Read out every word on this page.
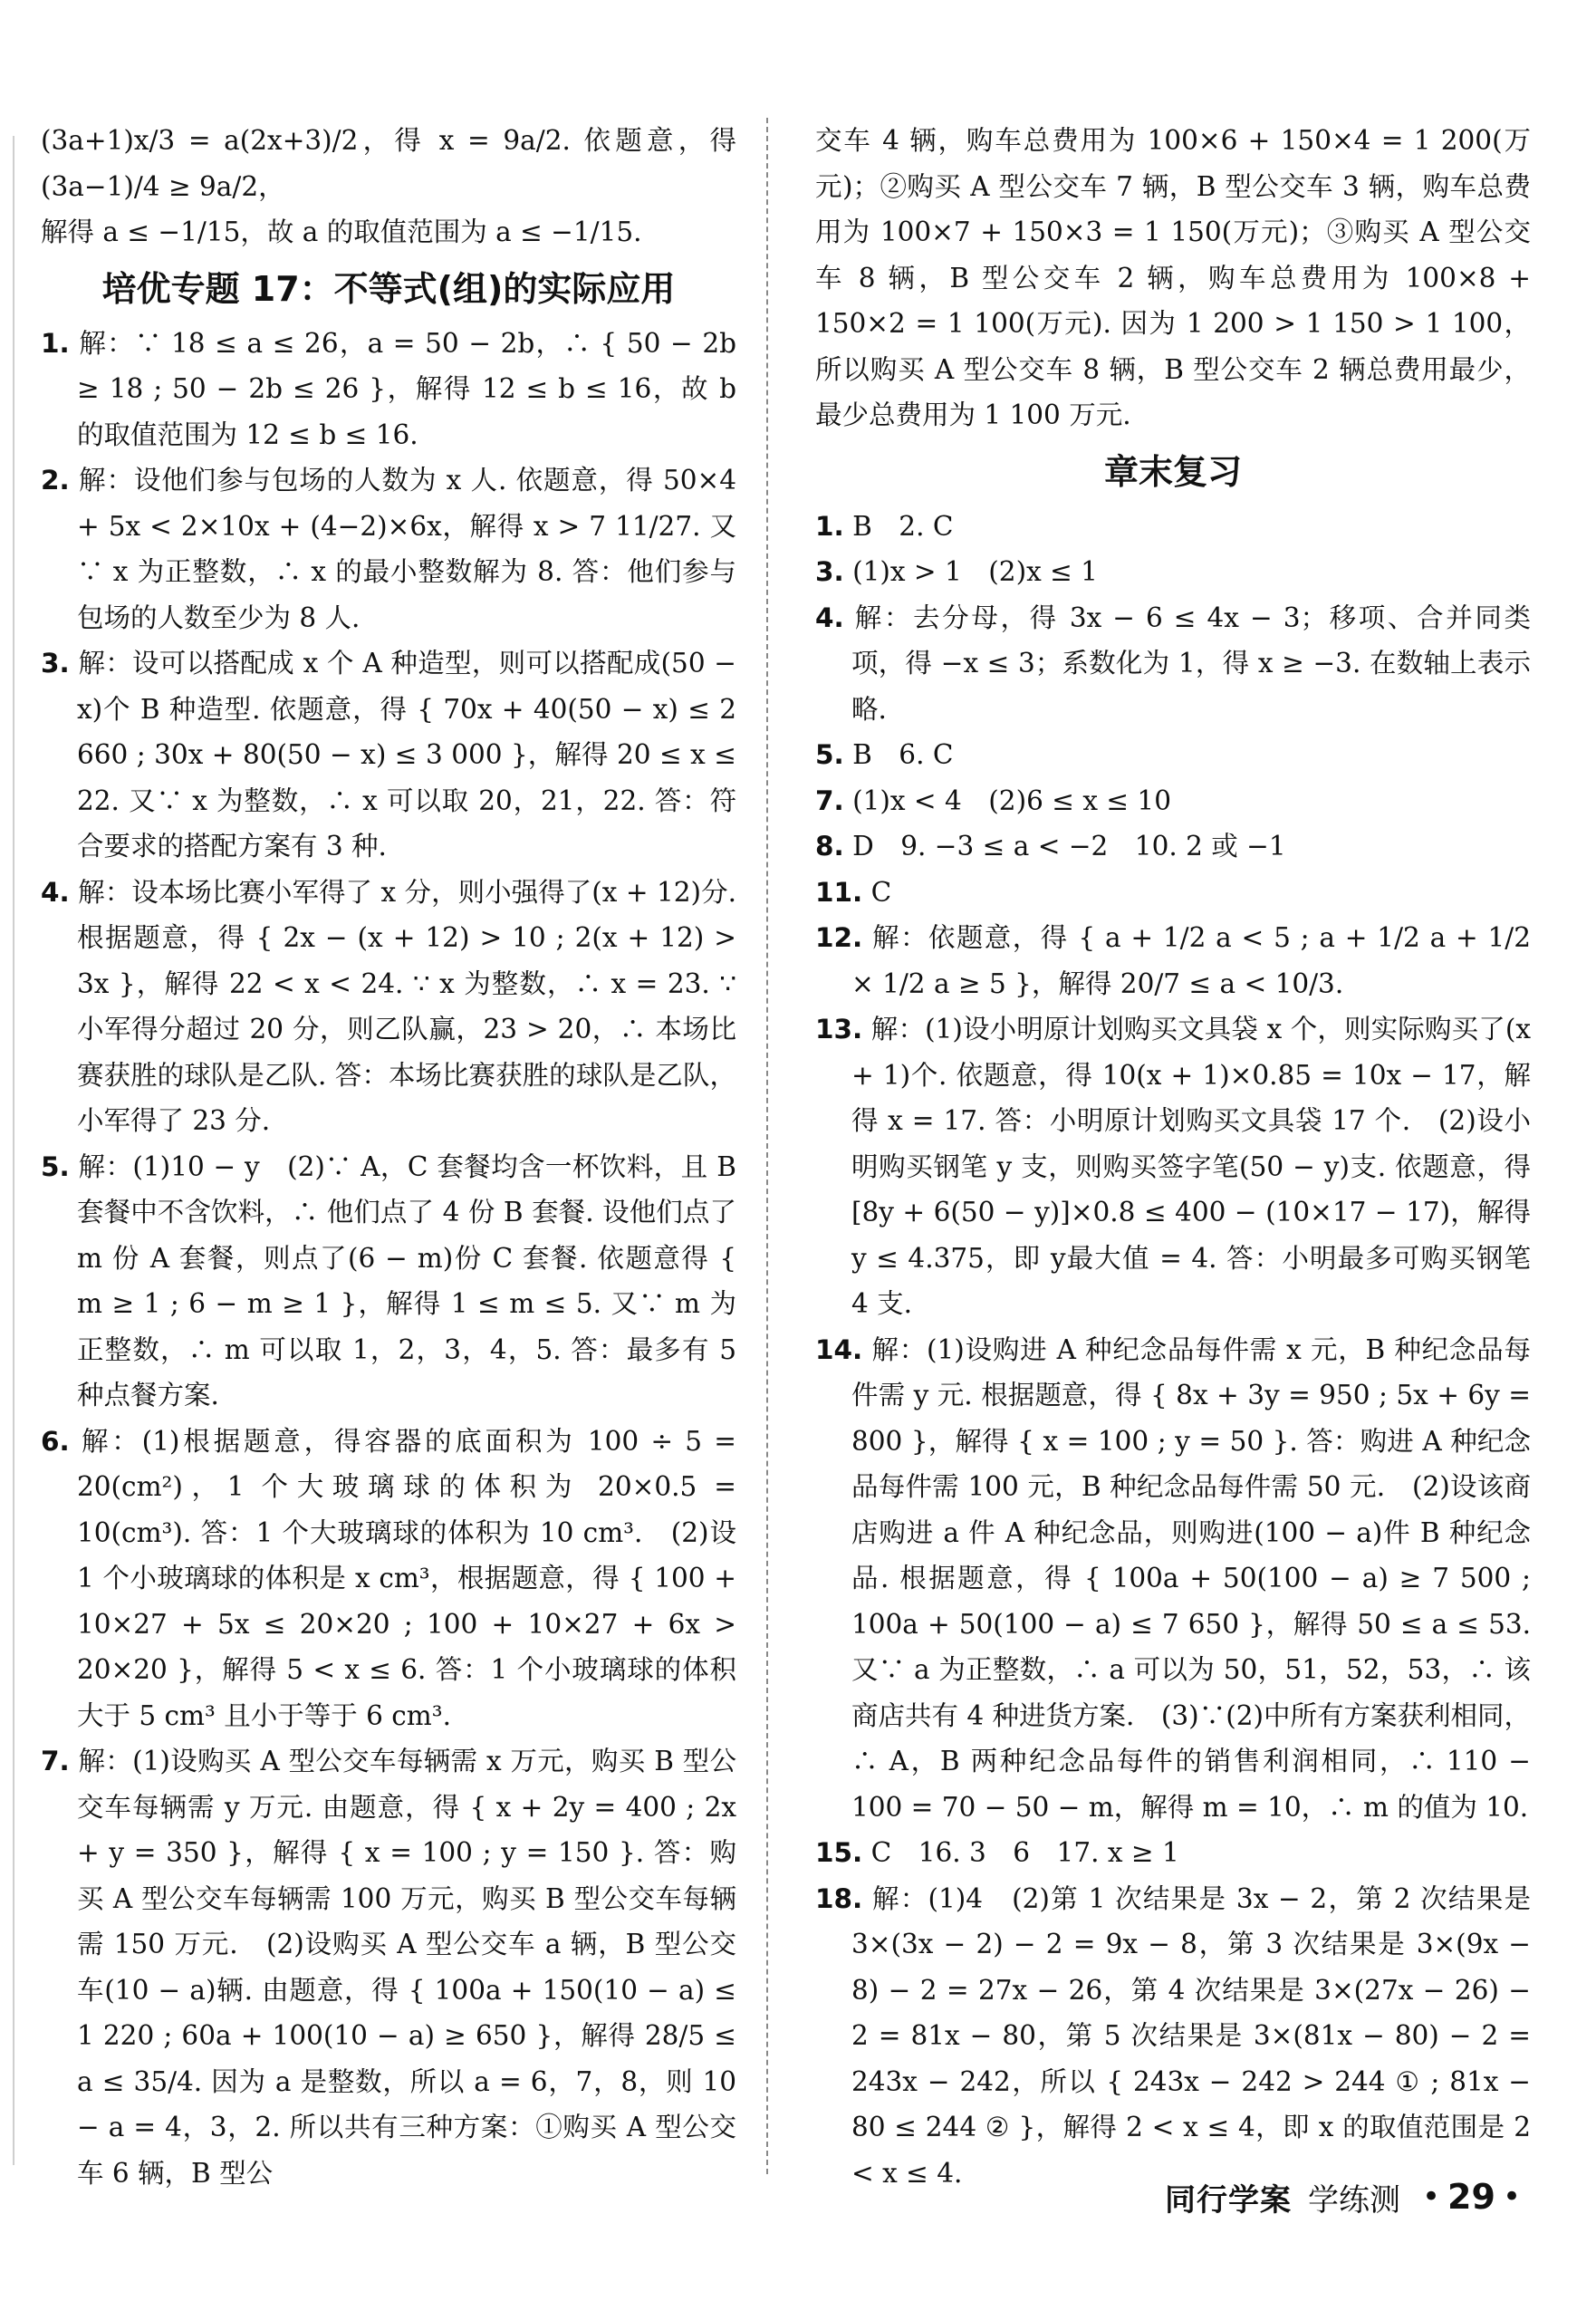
(3a+1)x/3 = a(2x+3)/2，得 x = 9a/2. 依题意，得 (3a−1)/4 ≥ 9a/2，

解得 a ≤ −1/15，故 a 的取值范围为 a ≤ −1/15.

培优专题 17：不等式(组)的实际应用

1. 解：∵ 18 ≤ a ≤ 26，a = 50 − 2b，∴ { 50 − 2b ≥ 18 ; 50 − 2b ≤ 26 }，解得 12 ≤ b ≤ 16，故 b 的取值范围为 12 ≤ b ≤ 16.

2. 解：设他们参与包场的人数为 x 人. 依题意，得 50×4 + 5x < 2×10x + (4−2)×6x，解得 x > 7 11/27. 又∵ x 为正整数，∴ x 的最小整数解为 8. 答：他们参与包场的人数至少为 8 人.

3. 解：设可以搭配成 x 个 A 种造型，则可以搭配成(50 − x)个 B 种造型. 依题意，得 { 70x + 40(50 − x) ≤ 2 660 ; 30x + 80(50 − x) ≤ 3 000 }，解得 20 ≤ x ≤ 22. 又∵ x 为整数，∴ x 可以取 20，21，22. 答：符合要求的搭配方案有 3 种.

4. 解：设本场比赛小军得了 x 分，则小强得了(x + 12)分. 根据题意，得 { 2x − (x + 12) > 10 ; 2(x + 12) > 3x }，解得 22 < x < 24. ∵ x 为整数，∴ x = 23. ∵ 小军得分超过 20 分，则乙队赢，23 > 20，∴ 本场比赛获胜的球队是乙队. 答：本场比赛获胜的球队是乙队，小军得了 23 分.

5. 解：(1)10 − y　(2)∵ A，C 套餐均含一杯饮料，且 B 套餐中不含饮料，∴ 他们点了 4 份 B 套餐. 设他们点了 m 份 A 套餐，则点了(6 − m)份 C 套餐. 依题意得 { m ≥ 1 ; 6 − m ≥ 1 }，解得 1 ≤ m ≤ 5. 又∵ m 为正整数，∴ m 可以取 1，2，3，4，5. 答：最多有 5 种点餐方案.

6. 解：(1)根据题意，得容器的底面积为 100 ÷ 5 = 20(cm²)，1 个大玻璃球的体积为 20×0.5 = 10(cm³). 答：1 个大玻璃球的体积为 10 cm³.　(2)设 1 个小玻璃球的体积是 x cm³，根据题意，得 { 100 + 10×27 + 5x ≤ 20×20 ; 100 + 10×27 + 6x > 20×20 }，解得 5 < x ≤ 6. 答：1 个小玻璃球的体积大于 5 cm³ 且小于等于 6 cm³.

7. 解：(1)设购买 A 型公交车每辆需 x 万元，购买 B 型公交车每辆需 y 万元. 由题意，得 { x + 2y = 400 ; 2x + y = 350 }，解得 { x = 100 ; y = 150 }. 答：购买 A 型公交车每辆需 100 万元，购买 B 型公交车每辆需 150 万元.　(2)设购买 A 型公交车 a 辆，B 型公交车(10 − a)辆. 由题意，得 { 100a + 150(10 − a) ≤ 1 220 ; 60a + 100(10 − a) ≥ 650 }，解得 28/5 ≤ a ≤ 35/4. 因为 a 是整数，所以 a = 6，7，8，则 10 − a = 4，3，2. 所以共有三种方案：①购买 A 型公交车 6 辆，B 型公

交车 4 辆，购车总费用为 100×6 + 150×4 = 1 200(万元)；②购买 A 型公交车 7 辆，B 型公交车 3 辆，购车总费用为 100×7 + 150×3 = 1 150(万元)；③购买 A 型公交车 8 辆，B 型公交车 2 辆，购车总费用为 100×8 + 150×2 = 1 100(万元). 因为 1 200 > 1 150 > 1 100，所以购买 A 型公交车 8 辆，B 型公交车 2 辆总费用最少，最少总费用为 1 100 万元.

章末复习

1. B　2. C

3. (1)x > 1　(2)x ≤ 1

4. 解：去分母，得 3x − 6 ≤ 4x − 3；移项、合并同类项，得 −x ≤ 3；系数化为 1，得 x ≥ −3. 在数轴上表示略.

5. B　6. C

7. (1)x < 4　(2)6 ≤ x ≤ 10

8. D　9. −3 ≤ a < −2　10. 2 或 −1

11. C

12. 解：依题意，得 { a + 1/2 a < 5 ; a + 1/2 a + 1/2 × 1/2 a ≥ 5 }，解得 20/7 ≤ a < 10/3.

13. 解：(1)设小明原计划购买文具袋 x 个，则实际购买了(x + 1)个. 依题意，得 10(x + 1)×0.85 = 10x − 17，解得 x = 17. 答：小明原计划购买文具袋 17 个.　(2)设小明购买钢笔 y 支，则购买签字笔(50 − y)支. 依题意，得[8y + 6(50 − y)]×0.8 ≤ 400 − (10×17 − 17)，解得 y ≤ 4.375，即 y最大值 = 4. 答：小明最多可购买钢笔 4 支.

14. 解：(1)设购进 A 种纪念品每件需 x 元，B 种纪念品每件需 y 元. 根据题意，得 { 8x + 3y = 950 ; 5x + 6y = 800 }，解得 { x = 100 ; y = 50 }. 答：购进 A 种纪念品每件需 100 元，B 种纪念品每件需 50 元.　(2)设该商店购进 a 件 A 种纪念品，则购进(100 − a)件 B 种纪念品. 根据题意，得 { 100a + 50(100 − a) ≥ 7 500 ; 100a + 50(100 − a) ≤ 7 650 }，解得 50 ≤ a ≤ 53. 又∵ a 为正整数，∴ a 可以为 50，51，52，53，∴ 该商店共有 4 种进货方案.　(3)∵(2)中所有方案获利相同，∴ A，B 两种纪念品每件的销售利润相同，∴ 110 − 100 = 70 − 50 − m，解得 m = 10，∴ m 的值为 10.

15. C　16. 3　6　17. x ≥ 1

18. 解：(1)4　(2)第 1 次结果是 3x − 2，第 2 次结果是 3×(3x − 2) − 2 = 9x − 8，第 3 次结果是 3×(9x − 8) − 2 = 27x − 26，第 4 次结果是 3×(27x − 26) − 2 = 81x − 80，第 5 次结果是 3×(81x − 80) − 2 = 243x − 242，所以 { 243x − 242 > 244 ① ; 81x − 80 ≤ 244 ② }，解得 2 < x ≤ 4，即 x 的取值范围是 2 < x ≤ 4.

同行学案 学练测 • 29 •
